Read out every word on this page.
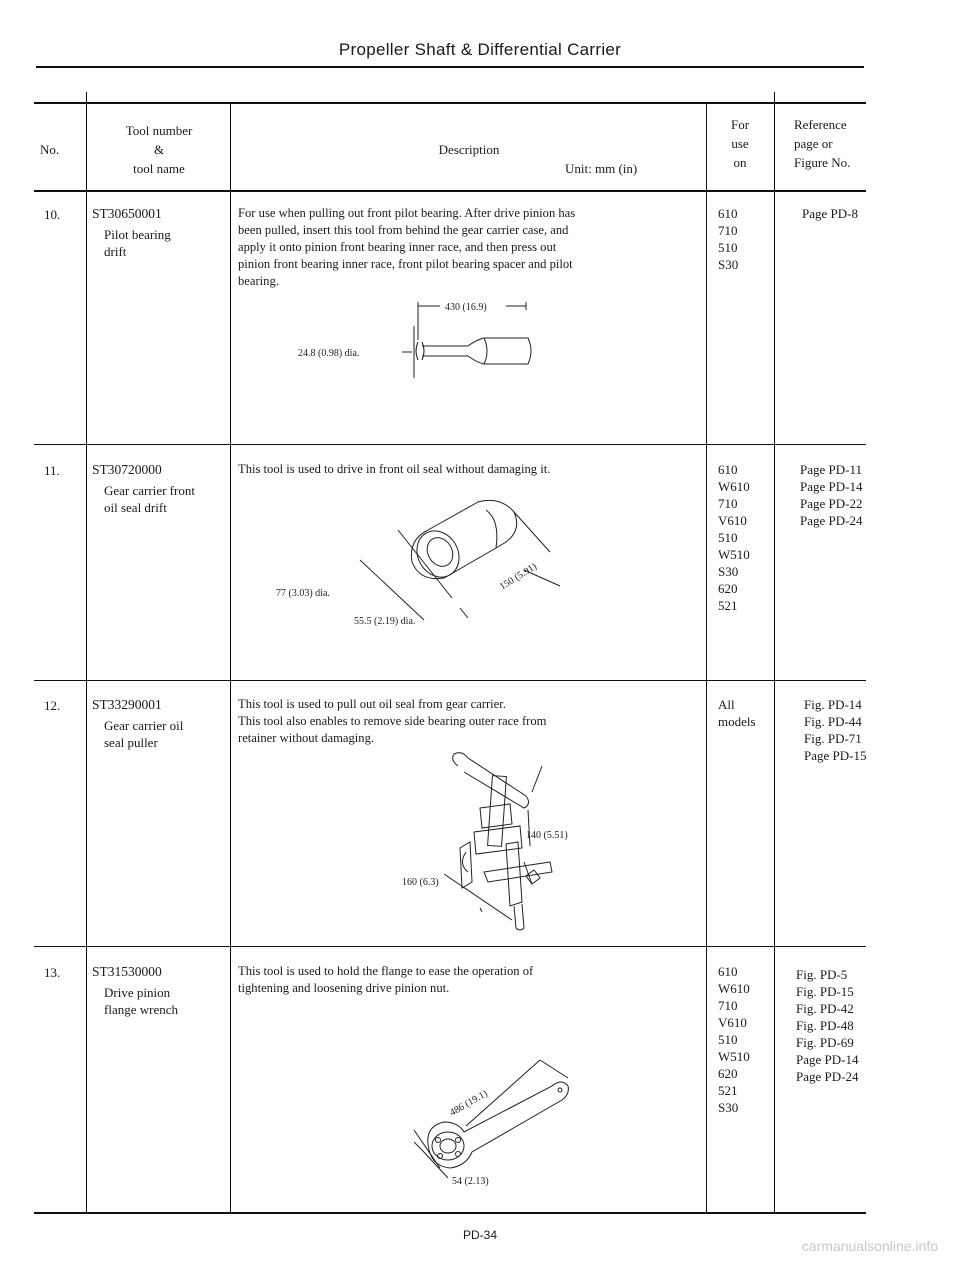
Propeller Shaft & Differential Carrier
No.
Tool number
&
tool name
Description
Unit: mm (in)
For
use
on
Reference
page or
Figure No.
10. ST30650001
Pilot bearing
drift
For use when pulling out front pilot bearing. After drive pinion has
been pulled, insert this tool from behind the gear carrier case, and
apply it onto pinion front bearing inner race, and then press out
pinion front bearing inner race, front pilot bearing spacer and pilot
bearing.
430 (16.9)
24.8 (0.98) dia.
610
710
510
S30
Page PD-8
11. ST30720000
Gear carrier front
oil seal drift
This tool is used to drive in front oil seal without damaging it.
150 (5.91)
77 (3.03) dia.
55.5 (2.19) dia.
610
W610
710
V610
510
W510
S30
620
521
Page PD-11
Page PD-14
Page PD-22
Page PD-24
12. ST33290001
Gear carrier oil
seal puller
This tool is used to pull out oil seal from gear carrier.
This tool also enables to remove side bearing outer race from
retainer without damaging.
140 (5.51)
160 (6.3)
All
models
Fig. PD-14
Fig. PD-44
Fig. PD-71
Page PD-15
13. ST31530000
Drive pinion
flange wrench
This tool is used to hold the flange to ease the operation of
tightening and loosening drive pinion nut.
486 (19.1)
54 (2.13)
610
W610
710
V610
510
W510
620
521
S30
Fig. PD-5
Fig. PD-15
Fig. PD-42
Fig. PD-48
Fig. PD-69
Page PD-14
Page PD-24
PD-34
carmanualsonline.info
